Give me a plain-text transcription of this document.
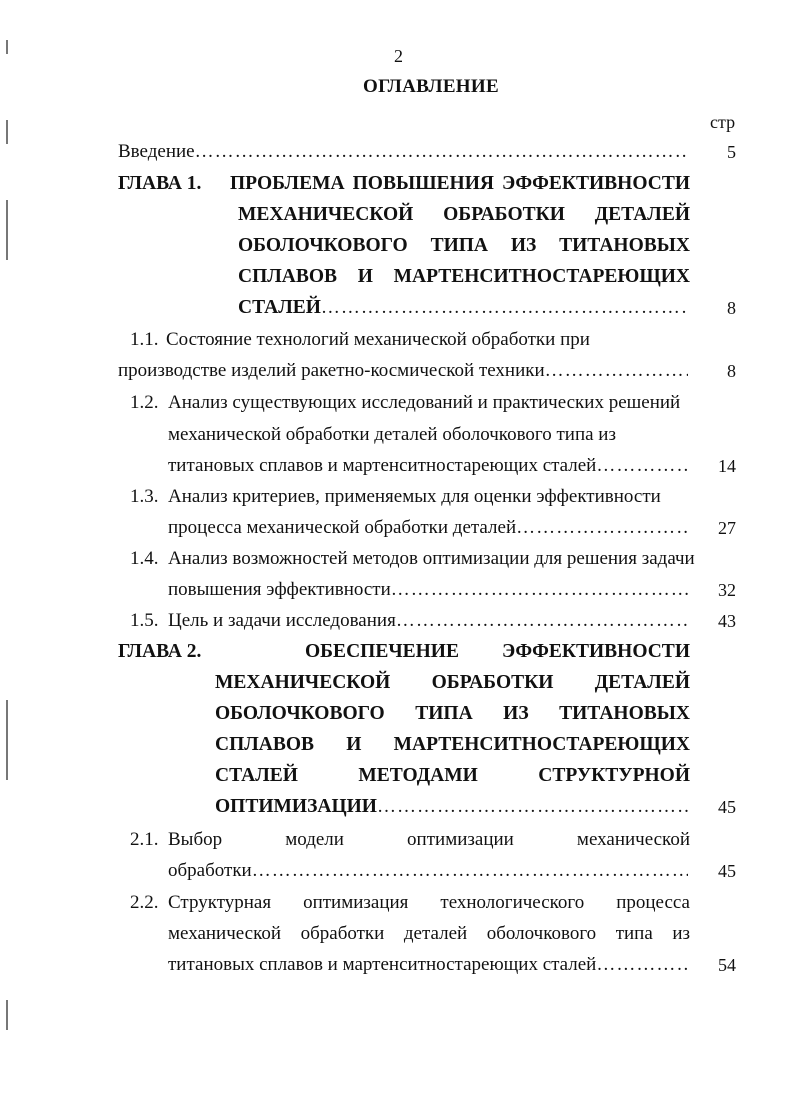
2
ОГЛАВЛЕНИЕ
стр
Введение …………………………………………………………………………………………………………………………………………………………	5
ГЛАВА 1. ПРОБЛЕМА ПОВЫШЕНИЯ ЭФФЕКТИВНОСТИ
МЕХАНИЧЕСКОЙ ОБРАБОТКИ ДЕТАЛЕЙ
ОБОЛОЧКОВОГО ТИПА ИЗ ТИТАНОВЫХ
СПЛАВОВ И МАРТЕНСИТНОСТАРЕЮЩИХ
СТАЛЕЙ …………………………………………………………………………………………………………………………………………………………	8
1.1. Состояние технологий механической обработки при
производстве изделий ракетно-космической техники …………………………………………………………………………………………………………………………………………………………	8
1.2. Анализ существующих исследований и практических решений
механической обработки деталей оболочкового типа из
титановых сплавов и мартенситностареющих сталей …………………………………………………………………………………………………………………………………………………………	14
1.3. Анализ критериев, применяемых для оценки эффективности
процесса механической обработки деталей …………………………………………………………………………………………………………………………………………………………	27
1.4. Анализ возможностей методов оптимизации для решения задачи
повышения эффективности …………………………………………………………………………………………………………………………………………………………	32
1.5. Цель и задачи исследования …………………………………………………………………………………………………………………………………………………………	43
ГЛАВА 2.	ОБЕСПЕЧЕНИЕ ЭФФЕКТИВНОСТИ
МЕХАНИЧЕСКОЙ ОБРАБОТКИ ДЕТАЛЕЙ
ОБОЛОЧКОВОГО ТИПА ИЗ ТИТАНОВЫХ
СПЛАВОВ И МАРТЕНСИТНОСТАРЕЮЩИХ
СТАЛЕЙ МЕТОДАМИ СТРУКТУРНОЙ
ОПТИМИЗАЦИИ …………………………………………………………………………………………………………………………………………………………	45
2.1. Выбор модели оптимизации механической
обработки …………………………………………………………………………………………………………………………………………………………	45
2.2. Структурная оптимизация технологического процесса
механической обработки деталей оболочкового типа из
титановых сплавов и мартенситностареющих сталей …………………………………………………………………………………………………………………………………………………………	54
